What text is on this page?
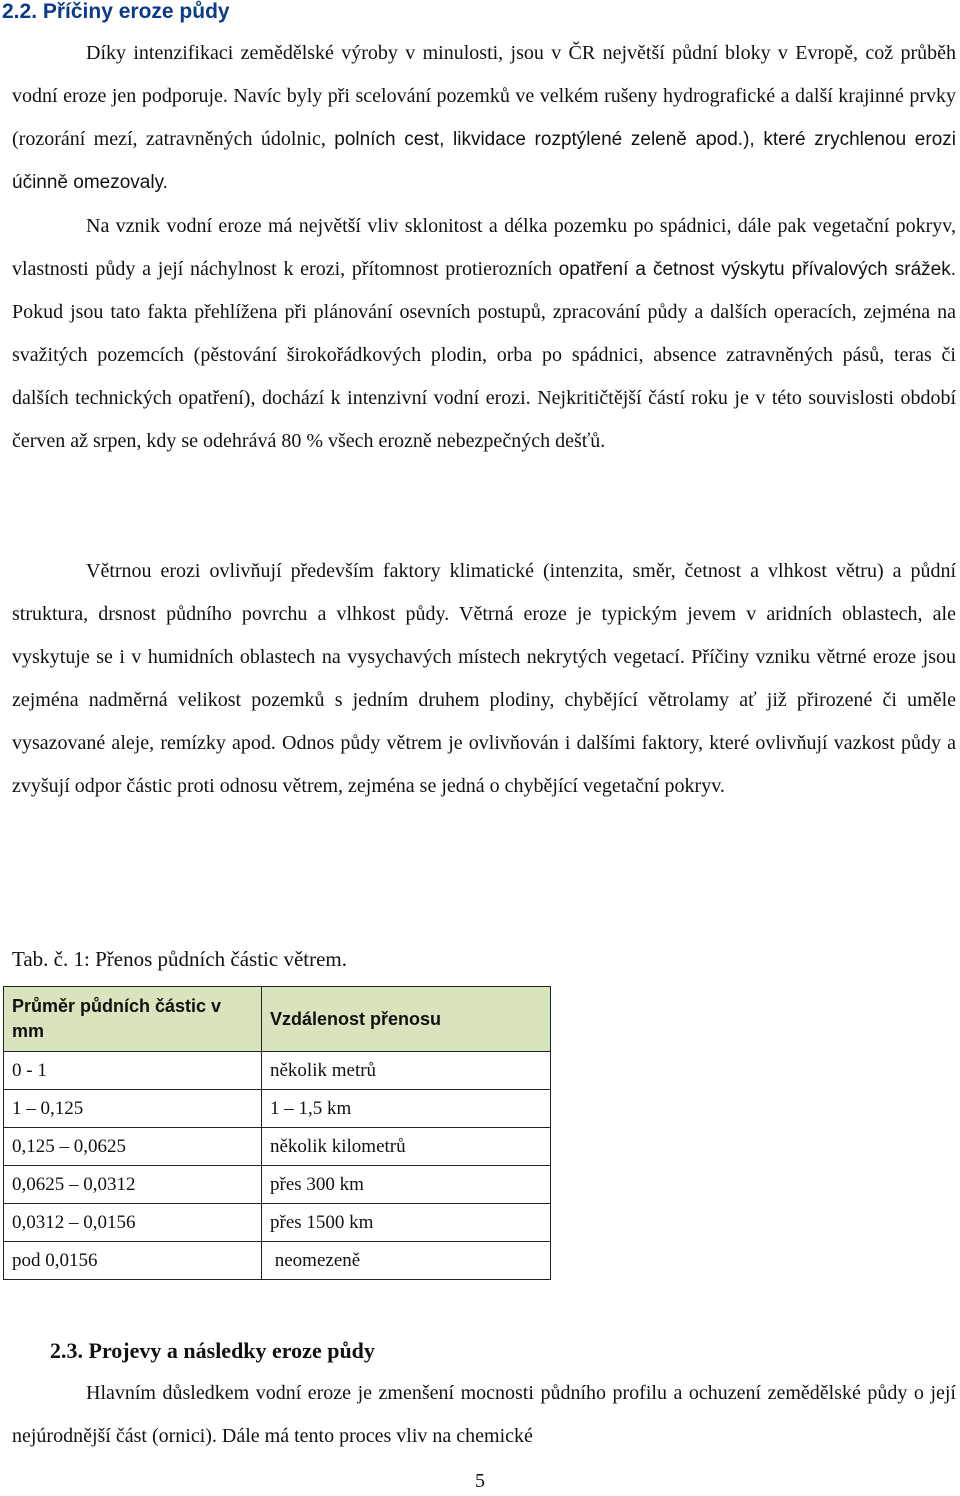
2.2. Příčiny eroze půdy

Díky intenzifikaci zemědělské výroby v minulosti, jsou v ČR největší půdní bloky v Evropě, což průběh vodní eroze jen podporuje. Navíc byly při scelování pozemků ve velkém rušeny hydrografické a další krajinné prvky (rozorání mezí, zatravněných údolnic, polních cest, likvidace rozptýlené zeleně apod.), které zrychlenou erozi účinně omezovaly.

Na vznik vodní eroze má největší vliv sklonitost a délka pozemku po spádnici, dále pak vegetační pokryv, vlastnosti půdy a její náchylnost k erozi, přítomnost protierozních opatření a četnost výskytu přívalových srážek. Pokud jsou tato fakta přehlížena při plánování osevních postupů, zpracování půdy a dalších operacích, zejména na svažitých pozemcích (pěstování širokořádkových plodin, orba po spádnici, absence zatravněných pásů, teras či dalších technických opatření), dochází k intenzivní vodní erozi. Nejkritičtější částí roku je v této souvislosti období červen až srpen, kdy se odehrává 80 % všech erozně nebezpečných dešťů.

Větrnou erozi ovlivňují především faktory klimatické (intenzita, směr, četnost a vlhkost větru) a půdní struktura, drsnost půdního povrchu a vlhkost půdy. Větrná eroze je typickým jevem v aridních oblastech, ale vyskytuje se i v humidních oblastech na vysychavých místech nekrytých vegetací. Příčiny vzniku větrné eroze jsou zejména nadměrná velikost pozemků s jedním druhem plodiny, chybějící větrolamy ať již přirozené či uměle vysazované aleje, remízky apod. Odnos půdy větrem je ovlivňován i dalšími faktory, které ovlivňují vazkost půdy a zvyšují odpor částic proti odnosu větrem, zejména se jedná o chybějící vegetační pokryv.

Tab. č. 1: Přenos půdních částic větrem.
Průměr půdních částic v mm	Vzdálenost přenosu
0 - 1	několik metrů
1 – 0,125	1 – 1,5 km
0,125 – 0,0625	několik kilometrů
0,0625 – 0,0312	přes 300 km
0,0312 – 0,0156	přes 1500 km
pod 0,0156	neomezeně
2.3. Projevy a následky eroze půdy

Hlavním důsledkem vodní eroze je zmenšení mocnosti půdního profilu a ochuzení zemědělské půdy o její nejúrodnější část (ornici). Dále má tento proces vliv na chemické

5
